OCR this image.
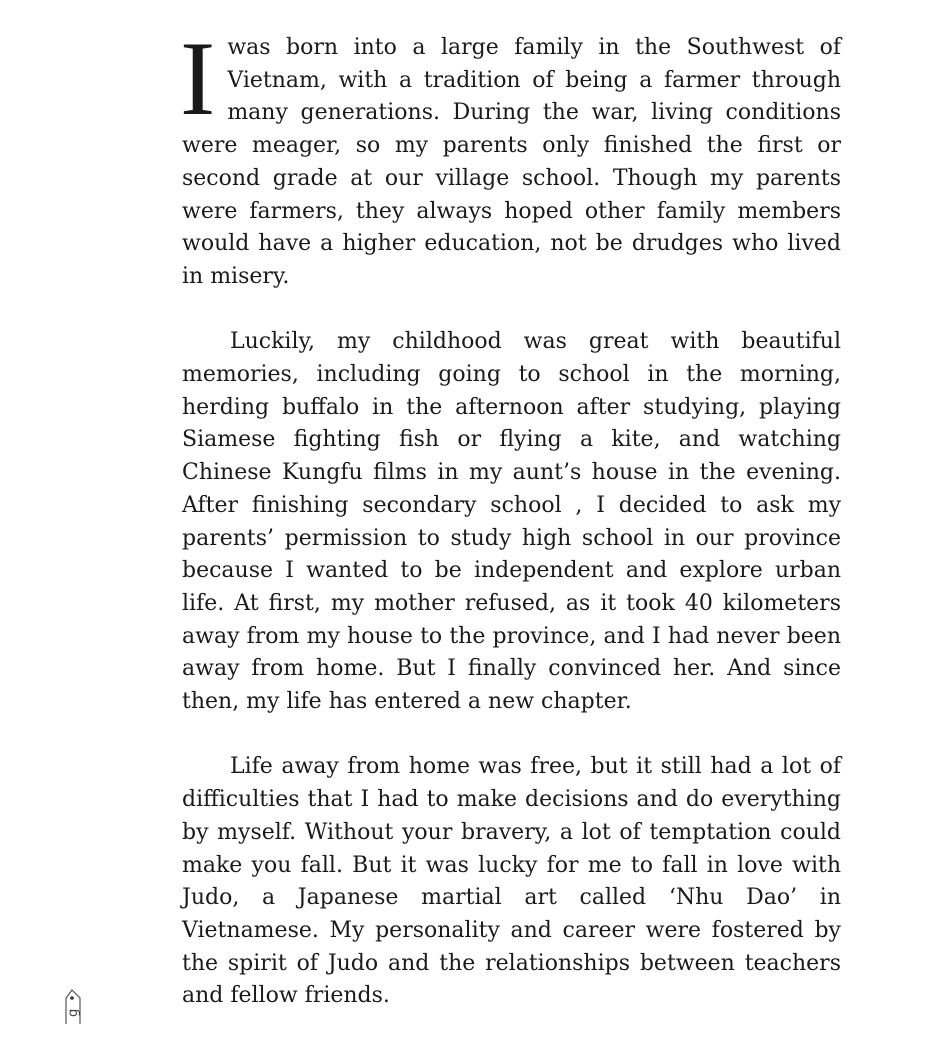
I was born into a large family in the Southwest of Vietnam, with a tradition of being a farmer through many generations. During the war, living conditions were meager, so my parents only finished the first or second grade at our village school. Though my parents were farmers, they always hoped other family members would have a higher education, not be drudges who lived in misery.

Luckily, my childhood was great with beautiful memories, including going to school in the morning, herding buffalo in the afternoon after studying, playing Siamese fighting fish or flying a kite, and watching Chinese Kungfu films in my aunt’s house in the evening. After finishing secondary school , I decided to ask my parents’ permission to study high school in our province because I wanted to be independent and explore urban life. At first, my mother refused, as it took 40 kilometers away from my house to the province, and I had never been away from home. But I finally convinced her. And since then, my life has entered a new chapter.

Life away from home was free, but it still had a lot of difficulties that I had to make decisions and do everything by myself. Without your bravery, a lot of temptation could make you fall. But it was lucky for me to fall in love with Judo, a Japanese martial art called ‘Nhu Dao’ in Vietnamese. My personality and career were fostered by the spirit of Judo and the relationships between teachers and fellow friends.

g
